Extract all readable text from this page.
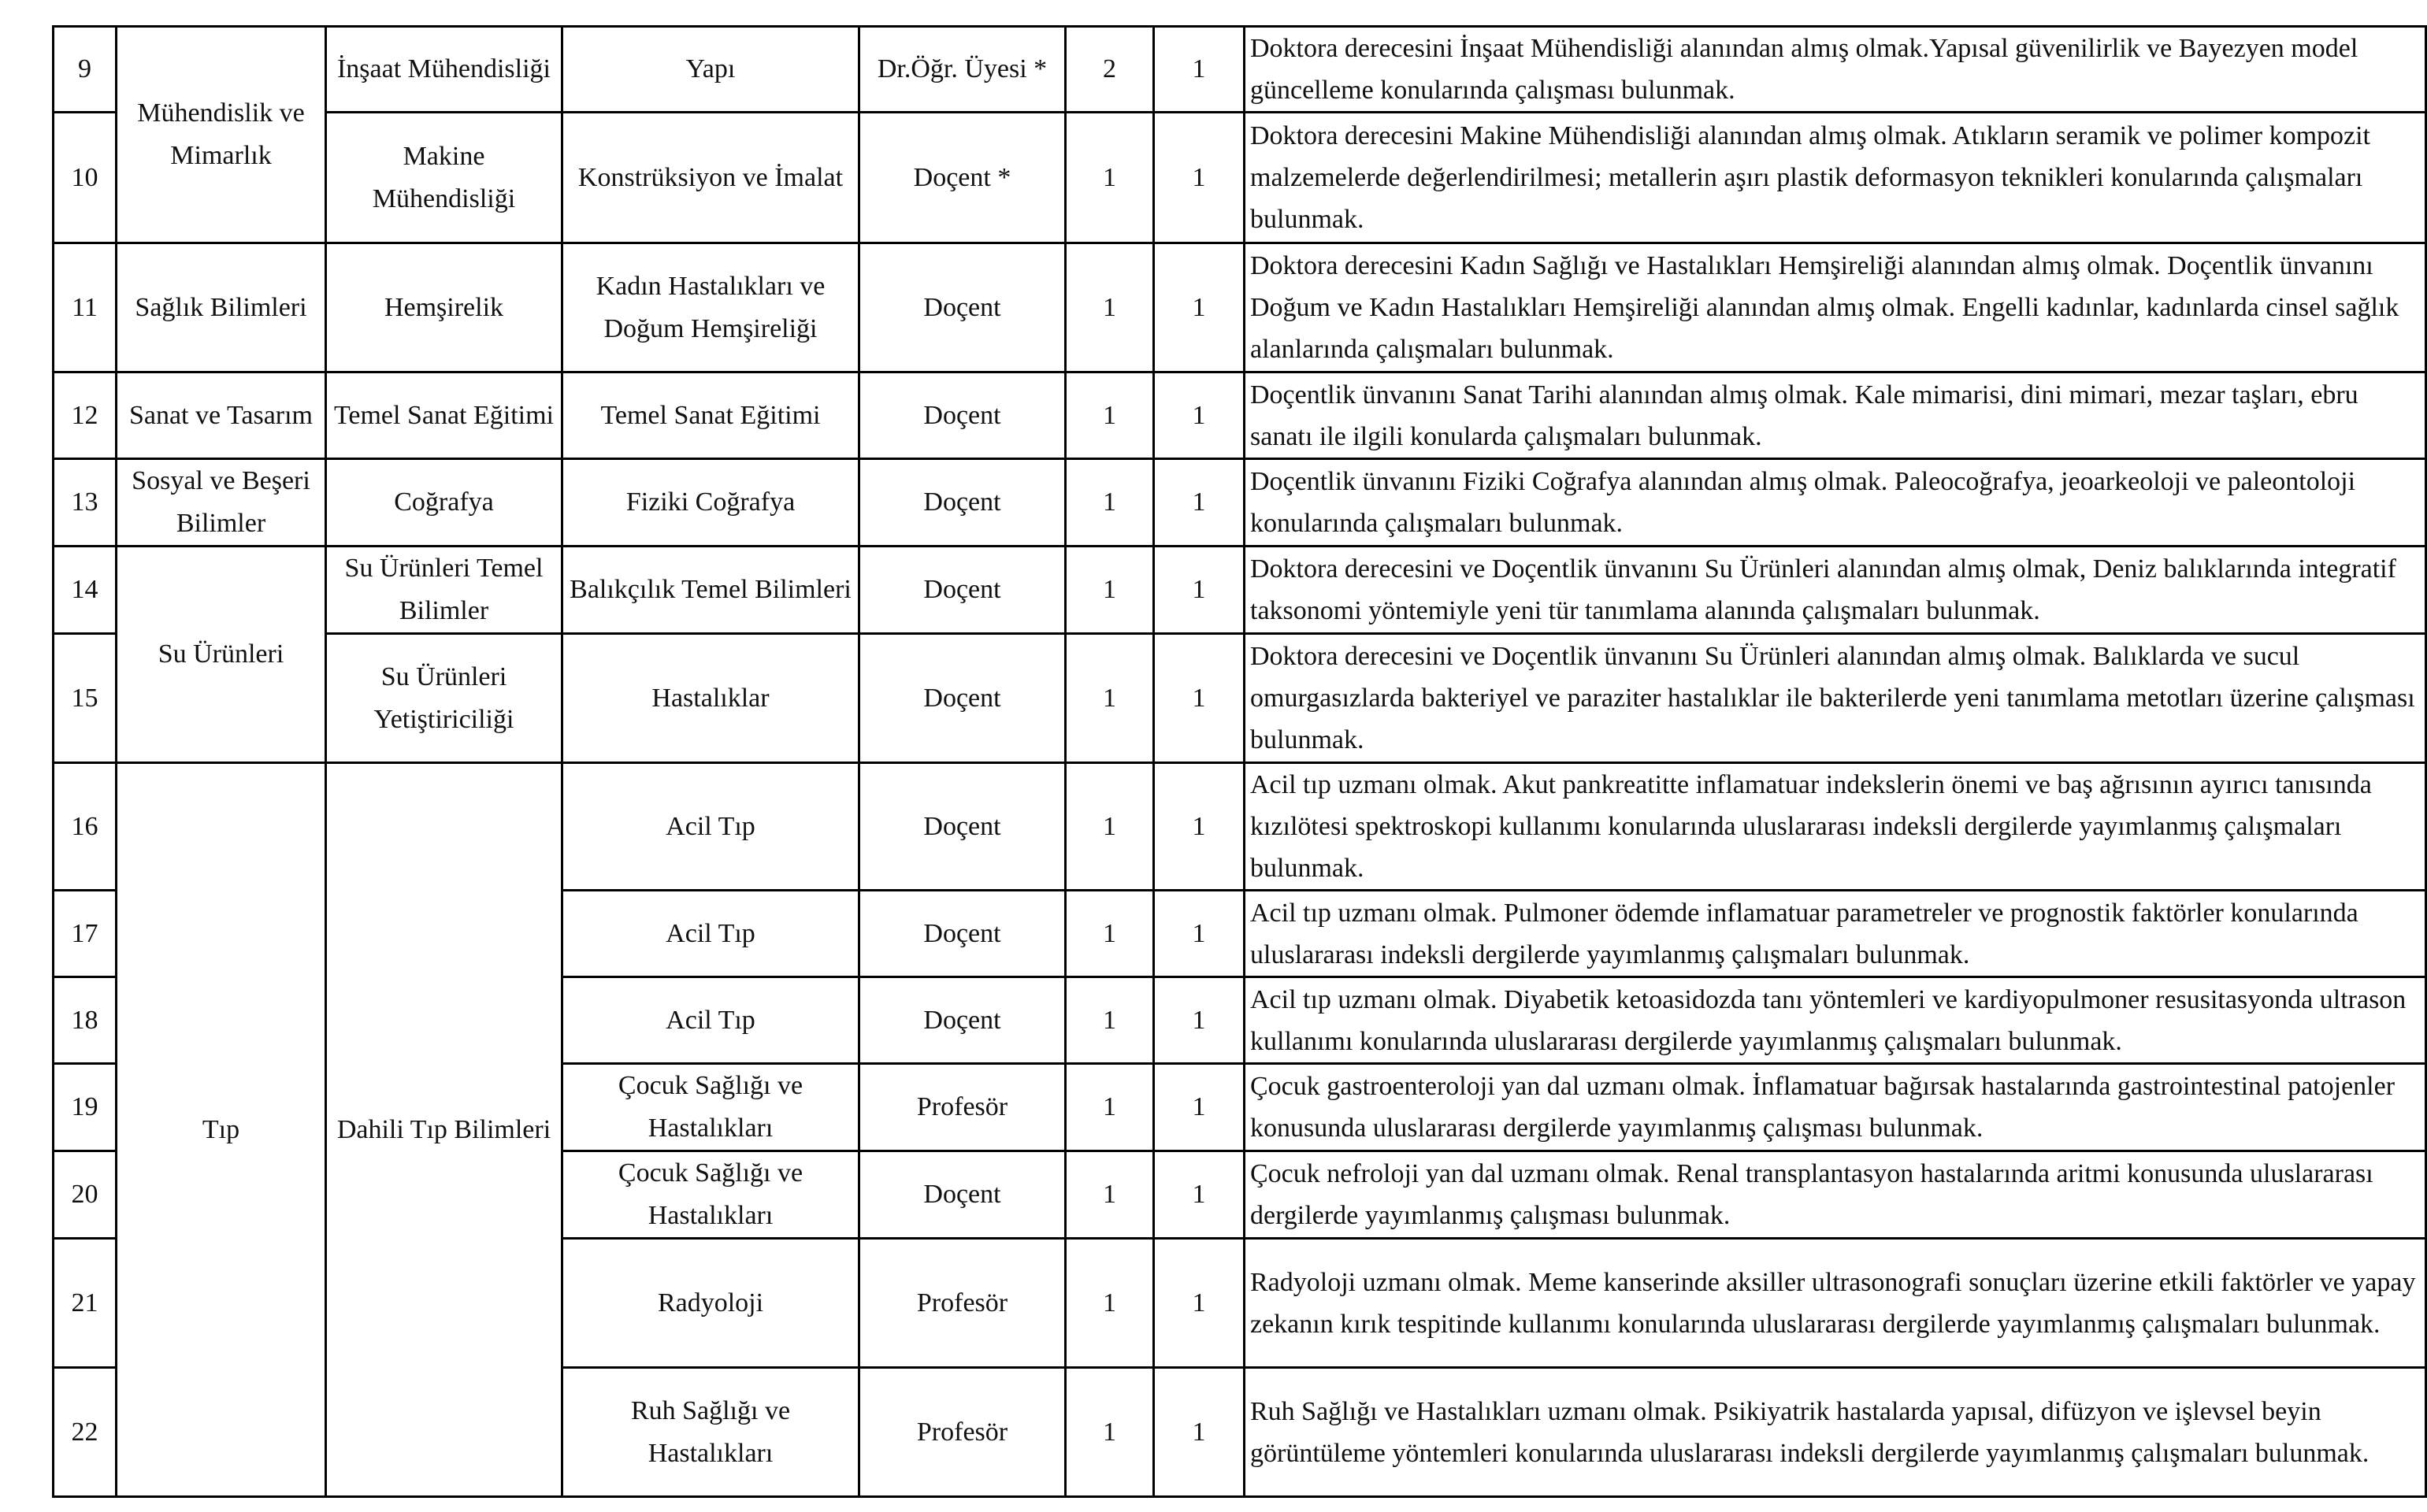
9	Mühendislik ve Mimarlık	İnşaat Mühendisliği	Yapı	Dr.Öğr. Üyesi *	2	1	Doktora derecesini İnşaat Mühendisliği alanından almış olmak.Yapısal güvenilirlik ve Bayezyen model güncelleme konularında çalışması bulunmak.
10		Makine Mühendisliği	Konstrüksiyon ve İmalat	Doçent *	1	1	Doktora derecesini Makine Mühendisliği alanından almış olmak. Atıkların seramik ve polimer kompozit malzemelerde değerlendirilmesi; metallerin aşırı plastik deformasyon teknikleri konularında çalışmaları bulunmak.
11	Sağlık Bilimleri	Hemşirelik	Kadın Hastalıkları ve Doğum Hemşireliği	Doçent	1	1	Doktora derecesini Kadın Sağlığı ve Hastalıkları Hemşireliği alanından almış olmak. Doçentlik ünvanını Doğum ve Kadın Hastalıkları Hemşireliği alanından almış olmak. Engelli kadınlar, kadınlarda cinsel sağlık alanlarında çalışmaları bulunmak.
12	Sanat ve Tasarım	Temel Sanat Eğitimi	Temel Sanat Eğitimi	Doçent	1	1	Doçentlik ünvanını Sanat Tarihi alanından almış olmak. Kale mimarisi, dini mimari, mezar taşları, ebru sanatı ile ilgili konularda çalışmaları bulunmak.
13	Sosyal ve Beşeri Bilimler	Coğrafya	Fiziki Coğrafya	Doçent	1	1	Doçentlik ünvanını Fiziki Coğrafya alanından almış olmak. Paleocoğrafya, jeoarkeoloji ve paleontoloji konularında çalışmaları bulunmak.
14	Su Ürünleri	Su Ürünleri Temel Bilimler	Balıkçılık Temel Bilimleri	Doçent	1	1	Doktora derecesini ve Doçentlik ünvanını Su Ürünleri alanından almış olmak, Deniz balıklarında integratif taksonomi yöntemiyle yeni tür tanımlama alanında çalışmaları bulunmak.
15		Su Ürünleri Yetiştiriciliği	Hastalıklar	Doçent	1	1	Doktora derecesini ve Doçentlik ünvanını Su Ürünleri alanından almış olmak. Balıklarda ve sucul omurgasızlarda bakteriyel ve paraziter hastalıklar ile bakterilerde yeni tanımlama metotları üzerine çalışması bulunmak.
16	Tıp	Dahili Tıp Bilimleri	Acil Tıp	Doçent	1	1	Acil tıp uzmanı olmak. Akut pankreatitte inflamatuar indekslerin önemi ve baş ağrısının ayırıcı tanısında kızılötesi spektroskopi kullanımı konularında uluslararası indeksli dergilerde yayımlanmış çalışmaları bulunmak.
17			Acil Tıp	Doçent	1	1	Acil tıp uzmanı olmak. Pulmoner ödemde inflamatuar parametreler ve prognostik faktörler konularında uluslararası indeksli dergilerde yayımlanmış çalışmaları bulunmak.
18			Acil Tıp	Doçent	1	1	Acil tıp uzmanı olmak. Diyabetik ketoasidozda tanı yöntemleri ve kardiyopulmoner resusitasyonda ultrason kullanımı konularında uluslararası dergilerde yayımlanmış çalışmaları bulunmak.
19			Çocuk Sağlığı ve Hastalıkları	Profesör	1	1	Çocuk gastroenteroloji yan dal uzmanı olmak. İnflamatuar bağırsak hastalarında gastrointestinal patojenler konusunda uluslararası dergilerde yayımlanmış çalışması bulunmak.
20			Çocuk Sağlığı ve Hastalıkları	Doçent	1	1	Çocuk nefroloji yan dal uzmanı olmak. Renal transplantasyon hastalarında aritmi konusunda uluslararası dergilerde yayımlanmış çalışması bulunmak.
21			Radyoloji	Profesör	1	1	Radyoloji uzmanı olmak. Meme kanserinde aksiller ultrasonografi sonuçları üzerine etkili faktörler ve yapay zekanın kırık tespitinde kullanımı konularında uluslararası dergilerde yayımlanmış çalışmaları bulunmak.
22			Ruh Sağlığı ve Hastalıkları	Profesör	1	1	Ruh Sağlığı ve Hastalıkları uzmanı olmak. Psikiyatrik hastalarda yapısal, difüzyon ve işlevsel beyin görüntüleme yöntemleri konularında uluslararası indeksli dergilerde yayımlanmış çalışmaları bulunmak.
